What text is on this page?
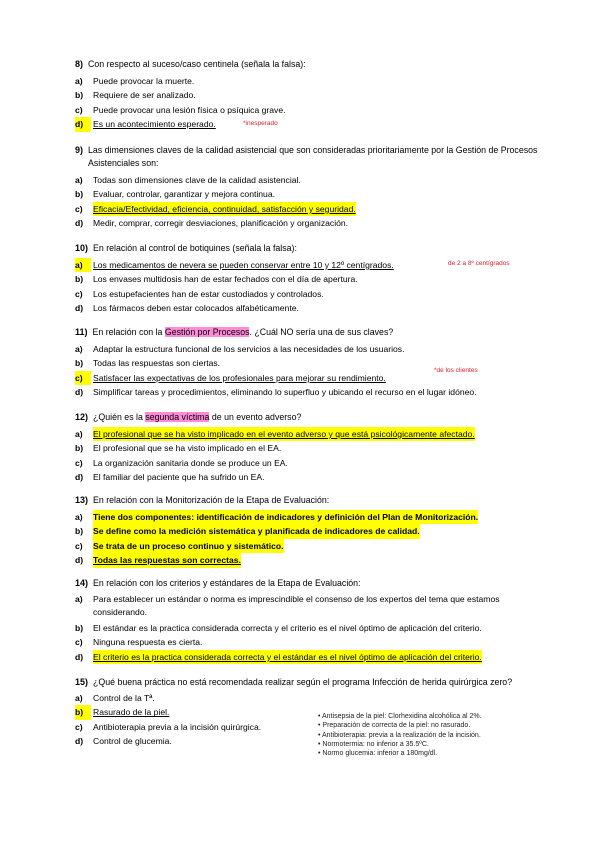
8) Con respecto al suceso/caso centinela (señala la falsa):
a)	Puede provocar la muerte.
b)	Requiere de ser analizado.
c)	Puede provocar una lesión física o psíquica grave.
d)	Es un acontecimiento esperado.	*inesperado
9) Las dimensiones claves de la calidad asistencial que son consideradas prioritariamente por la Gestión de Procesos Asistenciales son:
a)	Todas son dimensiones clave de la calidad asistencial.
b)	Evaluar, controlar, garantizar y mejora continua.
c)	Eficacia/Efectividad, eficiencia, continuidad, satisfacción y seguridad.
d)	Medir, comprar, corregir desviaciones, planificación y organización.
10) En relación al control de botiquines (señala la falsa):
a)	Los medicamentos de nevera se pueden conservar entre 10 y 12º centígrados.
b)	Los envases multidosis han de estar fechados con el día de apertura.
c)	Los estupefacientes han de estar custodiados y controlados.
d)	Los fármacos deben estar colocados alfabéticamente.
de 2 a 8º centígrados
11) En relación con la Gestión por Procesos. ¿Cuál NO sería una de sus claves?
a)	Adaptar la estructura funcional de los servicios a las necesidades de los usuarios.
b)	Todas las respuestas son ciertas.
c)	Satisfacer las expectativas de los profesionales para mejorar su rendimiento.
d)	Simplificar tareas y procedimientos, eliminando lo superfluo y ubicando el recurso en el lugar idóneo.
*de los clientes
12) ¿Quién es la segunda víctima de un evento adverso?
a)	El profesional que se ha visto implicado en el evento adverso y que está psicológicamente afectado.
b)	El profesional que se ha visto implicado en el EA.
c)	La organización sanitaria donde se produce un EA.
d)	El familiar del paciente que ha sufrido un EA.
13) En relación con la Monitorización de la Etapa de Evaluación:
a)	Tiene dos componentes: identificación de indicadores y definición del Plan de Monitorización.
b)	Se define como la medición sistemática y planificada de indicadores de calidad.
c)	Se trata de un proceso continuo y sistemático.
d)	Todas las respuestas son correctas.
14) En relación con los criterios y estándares de la Etapa de Evaluación:
a)	Para establecer un estándar o norma es imprescindible el consenso de los expertos del tema que estamos considerando.
b)	El estándar es la practica considerada correcta y el criterio es el nivel óptimo de aplicación del criterio.
c)	Ninguna respuesta es cierta.
d)	El criterio es la practica considerada correcta y el estándar es el nivel óptimo de aplicación del criterio.
15) ¿Qué buena práctica no está recomendada realizar según el programa Infección de herida quirúrgica zero?
a)	Control de la Tª.
b)	Rasurado de la piel.
c)	Antibioterapia previa a la incisión quirúrgica.
d)	Control de glucemia.
• Antisepsia de la piel: Clorhexidina alcohólica al 2%.
• Preparación de correcta de la piel: no rasurado.
• Antibioterapia: previa a la realización de la incisión.
• Normotermia: no inferior a 35.5ºC.
• Normo glucemia: inferior a 180mg/dl.
